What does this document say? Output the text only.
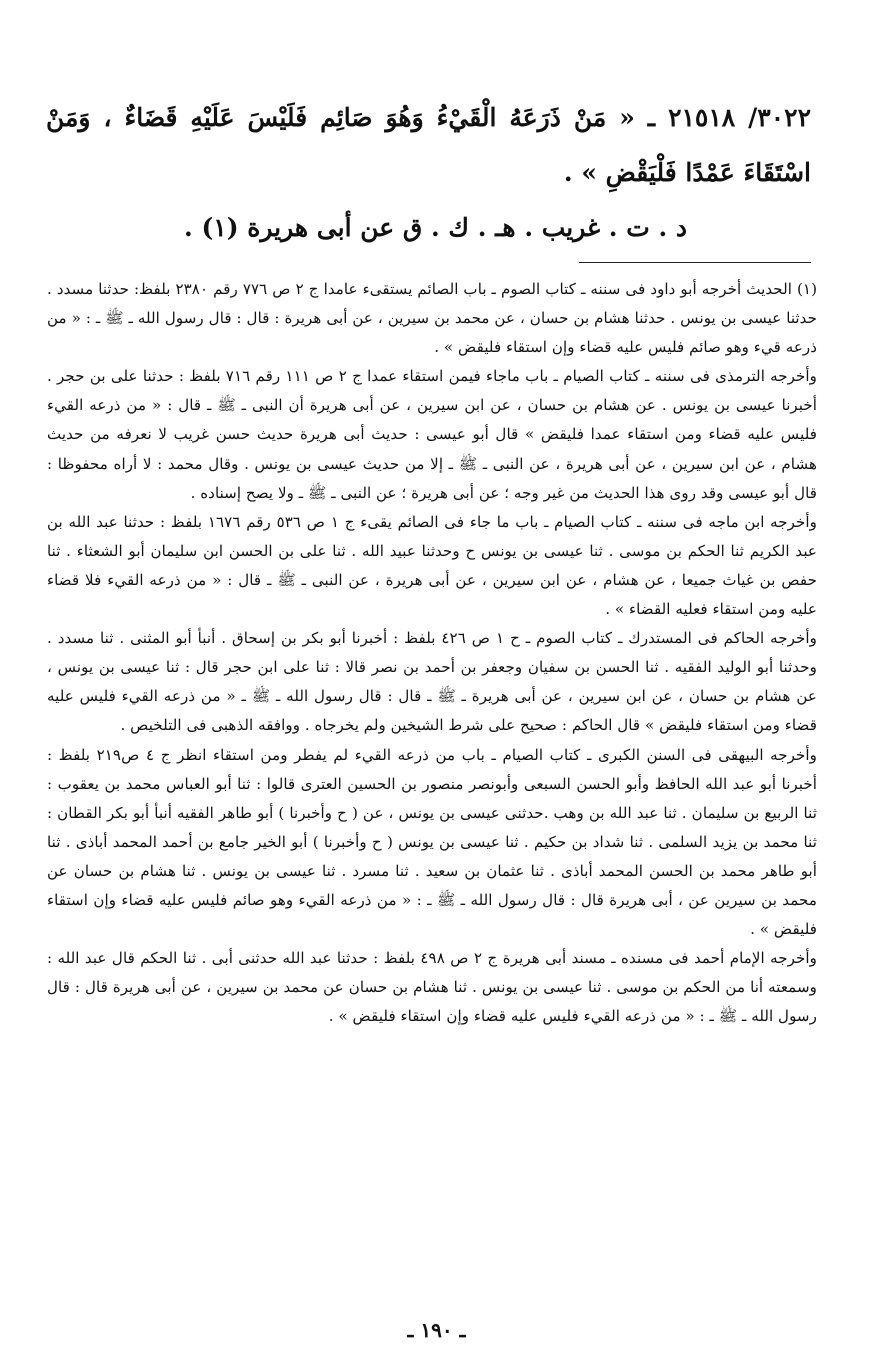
٣٠٢٢/ ٢١٥١٨ ـ « مَنْ ذَرَعَهُ الْقَيْءُ وَهُوَ صَائِم فَلَيْسَ عَلَيْهِ قَضَاءٌ ، وَمَنْ اسْتَقَاءَ عَمْدًا فَلْيَقْضِ » .

د . ت . غريب . هـ . ك . ق عن أبى هريرة (١) .

(١) الحديث أخرجه أبو داود فى سننه ـ كتاب الصوم ـ باب الصائم يستقىء عامدا ج ٢ ص ٧٧٦ رقم ٢٣٨٠ بلفظ: حدثنا مسدد . حدثنا عيسى بن يونس . حدثنا هشام بن حسان ، عن محمد بن سيرين ، عن أبى هريرة : قال : قال رسول الله ـ ﷺ ـ : « من ذرعه قيء وهو صائم فليس عليه قضاء وإن استقاء فليقض » .

وأخرجه الترمذى فى سننه ـ كتاب الصيام ـ باب ماجاء فيمن استقاء عمدا ج ٢ ص ١١١ رقم ٧١٦ بلفظ : حدثنا على بن حجر . أخبرنا عيسى بن يونس . عن هشام بن حسان ، عن ابن سيرين ، عن أبى هريرة أن النبى ـ ﷺ ـ قال : « من ذرعه القيء فليس عليه قضاء ومن استقاء عمدا فليقض » قال أبو عيسى : حديث أبى هريرة حديث حسن غريب لا نعرفه من حديث هشام ، عن ابن سيرين ، عن أبى هريرة ، عن النبى ـ ﷺ ـ إلا من حديث عيسى بن يونس . وقال محمد : لا أراه محفوظا : قال أبو عيسى وقد روى هذا الحديث من غير وجه ؛ عن أبى هريرة ؛ عن النبى ـ ﷺ ـ ولا يصح إسناده .

وأخرجه ابن ماجه فى سننه ـ كتاب الصيام ـ باب ما جاء فى الصائم يقىء ج ١ ص ٥٣٦ رقم ١٦٧٦ بلفظ : حدثنا عبد الله بن عبد الكريم ثنا الحكم بن موسى . ثنا عيسى بن يونس ح وحدثنا عبيد الله . ثنا على بن الحسن ابن سليمان أبو الشعثاء . ثنا حفص بن غياث جميعا ، عن هشام ، عن ابن سيرين ، عن أبى هريرة ، عن النبى ـ ﷺ ـ قال : « من ذرعه القيء فلا قضاء عليه ومن استقاء فعليه القضاء » .

وأخرجه الحاكم فى المستدرك ـ كتاب الصوم ـ ح ١ ص ٤٢٦ بلفظ : أخبرنا أبو بكر بن إسحاق . أنبأ أبو المثنى . ثنا مسدد . وحدثنا أبو الوليد الفقيه . ثنا الحسن بن سفيان وجعفر بن أحمد بن نصر قالا : ثنا على ابن حجر قال : ثنا عيسى بن يونس ، عن هشام بن حسان ، عن ابن سيرين ، عن أبى هريرة ـ ﷺ ـ قال : قال رسول الله ـ ﷺ ـ « من ذرعه القيء فليس عليه قضاء ومن استقاء فليقض » قال الحاكم : صحيح على شرط الشيخين ولم يخرجاه . ووافقه الذهبى فى التلخيص .

وأخرجه البيهقى فى السنن الكبرى ـ كتاب الصيام ـ باب من ذرعه القيء لم يفطر ومن استقاء انظر ج ٤ ص٢١٩ بلفظ : أخبرنا أبو عبد الله الحافظ وأبو الحسن السبعى وأبونصر منصور بن الحسين العترى قالوا : ثنا أبو العباس محمد بن يعقوب : ثنا الربيع بن سليمان . ثنا عبد الله بن وهب .حدثنى عيسى بن يونس ، عن ( ح وأخبرنا ) أبو طاهر الفقيه أنبأ أبو بكر القطان : ثنا محمد بن يزيد السلمى . ثنا شداد بن حكيم . ثنا عيسى بن يونس ( ح وأخبرنا ) أبو الخير جامع بن أحمد المحمد أباذى . ثنا أبو طاهر محمد بن الحسن المحمد أباذى . ثنا عثمان بن سعيد . ثنا مسرد . ثنا عيسى بن يونس . ثنا هشام بن حسان عن محمد بن سيرين عن ، أبى هريرة قال : قال رسول الله ـ ﷺ ـ : « من ذرعه القيء وهو صائم فليس عليه قضاء وإن استقاء فليقض » .

وأخرجه الإمام أحمد فى مسنده ـ مسند أبى هريرة ج ٢ ص ٤٩٨ بلفظ : حدثنا عبد الله حدثنى أبى . ثنا الحكم قال عبد الله : وسمعته أنا من الحكم بن موسى . ثنا عيسى بن يونس . ثنا هشام بن حسان عن محمد بن سيرين ، عن أبى هريرة قال : قال رسول الله ـ ﷺ ـ : « من ذرعه القيء فليس عليه قضاء وإن استقاء فليقض » .

ـ ١٩٠ ـ
